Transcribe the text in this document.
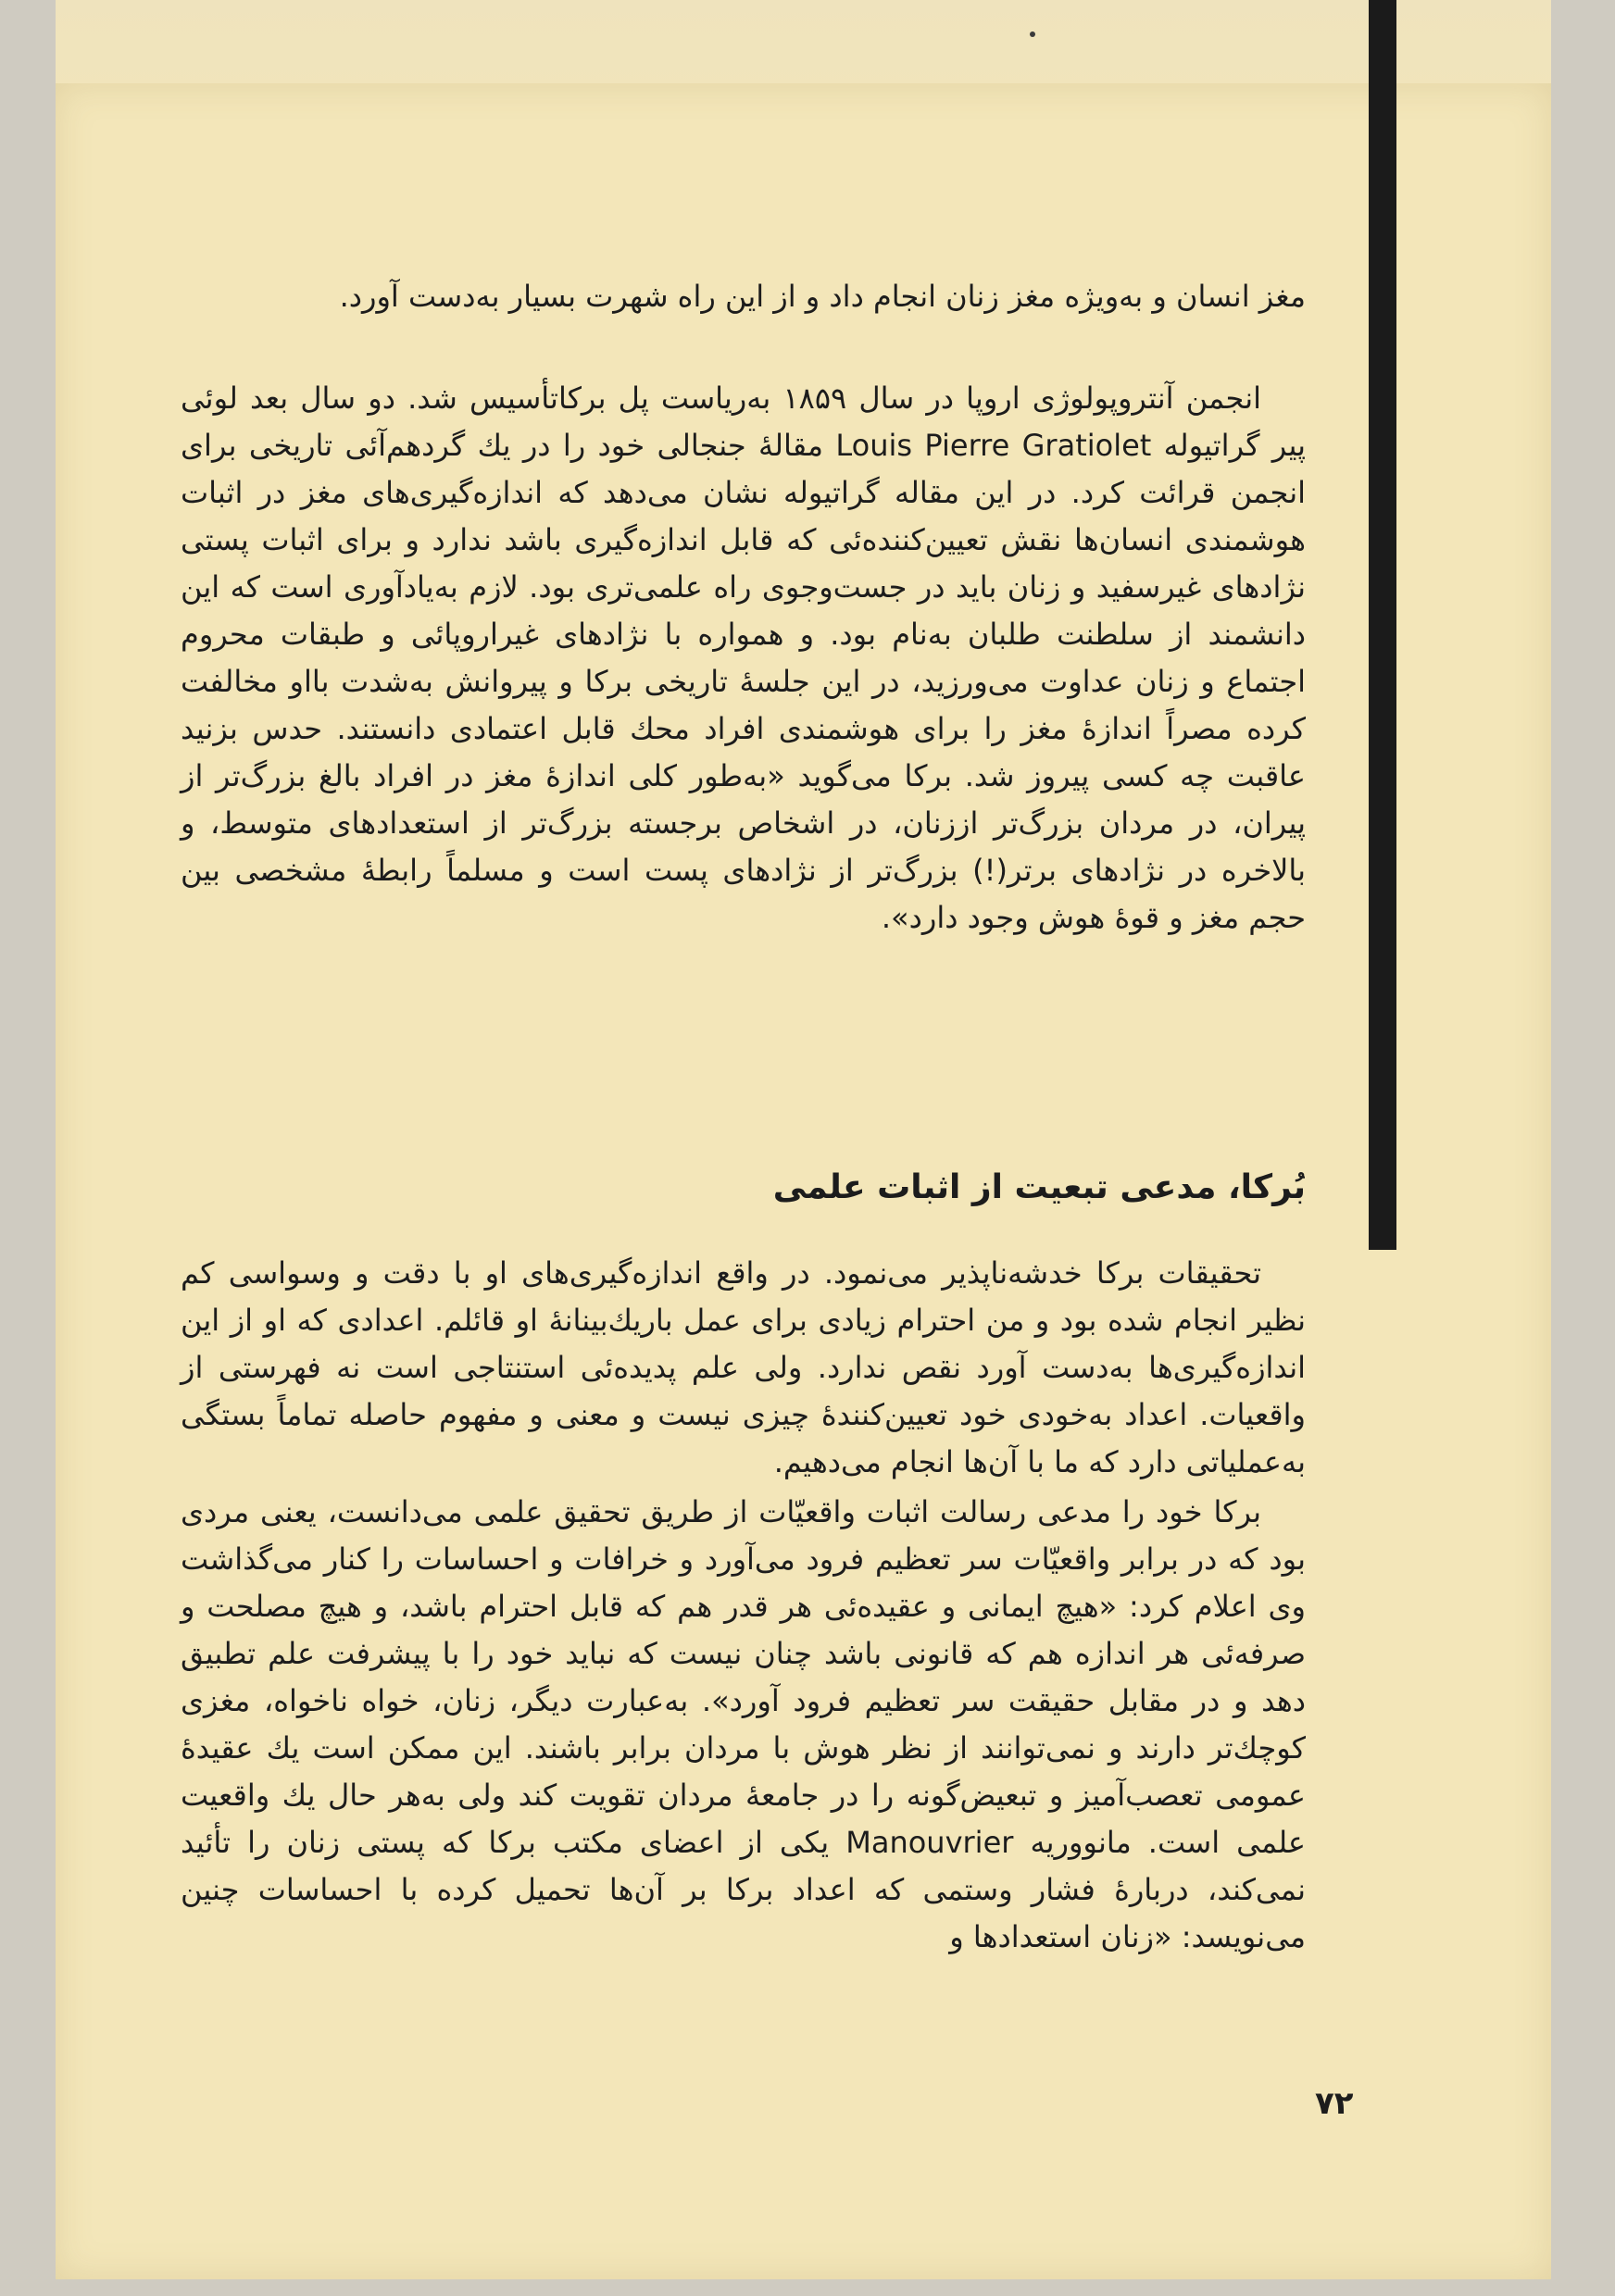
مغز انسان و به‌ویژه مغز زنان انجام داد و از این راه شهرت بسیار به‌دست آورد.

انجمن آنتروپولوژی اروپا در سال ۱۸۵۹ به‌ریاست پل بركاتأسیس شد. دو سال بعد لوئی پیر گراتیوله Louis Pierre Gratiolet مقالهٔ جنجالی خود را در یك گردهم‌آئی تاریخی برای انجمن قرائت كرد. در این مقاله گراتیوله نشان می‌دهد كه اندازه‌گیری‌های مغز در اثبات هوشمندی انسان‌ها نقش تعیین‌كننده‌ئی كه قابل اندازه‌گیری باشد ندارد و برای اثبات پستی نژادهای غیرسفید و زنان باید در جست‌وجوی راه علمی‌تری بود. لازم به‌یادآوری است كه این دانشمند از سلطنت طلبان به‌نام بود. و همواره با نژادهای غیراروپائی و طبقات محروم اجتماع و زنان عداوت می‌ورزید، در این جلسهٔ تاریخی بركا و پیروانش به‌شدت بااو مخالفت كرده مصراً اندازهٔ مغز را برای هوشمندی افراد محك قابل اعتمادی دانستند. حدس بزنید عاقبت چه كسی پیروز شد. بركا می‌گوید «به‌طور كلی اندازهٔ مغز در افراد بالغ بزرگ‌تر از پیران، در مردان بزرگ‌تر اززنان، در اشخاص برجسته بزرگ‌تر از استعدادهای متوسط، و بالاخره در نژادهای برتر(!) بزرگ‌تر از نژادهای پست است و مسلماً رابطهٔ مشخصی بین حجم مغز و قوهٔ هوش وجود دارد».

بُركا، مدعی تبعیت از اثبات علمی

تحقیقات بركا خدشه‌ناپذیر می‌نمود. در واقع اندازه‌گیری‌های او با دقت و وسواسی كم نظیر انجام شده بود و من احترام زیادی برای عمل باریك‌بینانهٔ او قائلم. اعدادی كه او از این اندازه‌گیری‌ها به‌دست آورد نقص ندارد. ولی علم پدیده‌ئی استنتاجی است نه فهرستی از واقعیات. اعداد به‌خودی خود تعیین‌كنندهٔ چیزی نیست و معنی و مفهوم حاصله تماماً بستگی به‌عملیاتی دارد كه ما با آن‌ها انجام می‌دهیم.

بركا خود را مدعی رسالت اثبات واقعیّات از طریق تحقیق علمی می‌دانست، یعنی مردی بود كه در برابر واقعیّات سر تعظیم فرود می‌آورد و خرافات و احساسات را كنار می‌گذاشت وی اعلام كرد: «هیچ ایمانی و عقیده‌ئی هر قدر هم كه قابل احترام باشد، و هیچ مصلحت و صرفه‌ئی هر اندازه هم كه قانونی باشد چنان نیست كه نباید خود را با پیشرفت علم تطبیق دهد و در مقابل حقیقت سر تعظیم فرود آورد». به‌عبارت دیگر، زنان، خواه ناخواه، مغزی كوچك‌تر دارند و نمی‌توانند از نظر هوش با مردان برابر باشند. این ممكن است یك عقیدهٔ عمومی تعصب‌آمیز و تبعیض‌گونه را در جامعهٔ مردان تقویت كند ولی به‌هر حال یك واقعیت علمی است. مانووریه Manouvrier یكی از اعضای مكتب بركا كه پستی زنان را تأئید نمی‌كند، دربارهٔ فشار وستمی كه اعداد بركا بر آن‌ها تحمیل كرده با احساسات چنین می‌نویسد: «زنان استعدادها و

۷۲
